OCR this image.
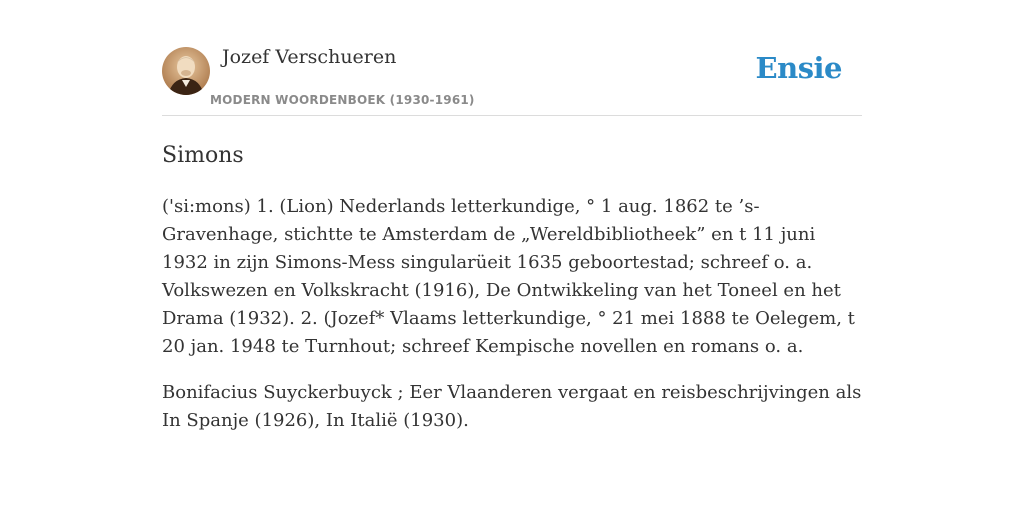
Jozef Verschueren
MODERN WOORDENBOEK (1930-1961)
Ensie
Simons

('si:mons) 1. (Lion) Nederlands letterkundige, ° 1 aug. 1862 te ’s-Gravenhage, stichtte te Amsterdam de „Wereldbibliotheek” en t 11 juni 1932 in zijn Simons-Mess singularüeit 1635 geboortestad; schreef o. a. Volkswezen en Volkskracht (1916), De Ontwikkeling van het Toneel en het Drama (1932). 2. (Jozef* Vlaams letterkundige, ° 21 mei 1888 te Oelegem, t 20 jan. 1948 te Turnhout; schreef Kempische novellen en romans o. a.

Bonifacius Suyckerbuyck ; Eer Vlaanderen vergaat en reisbeschrijvingen als In Spanje (1926), In Italië (1930).
